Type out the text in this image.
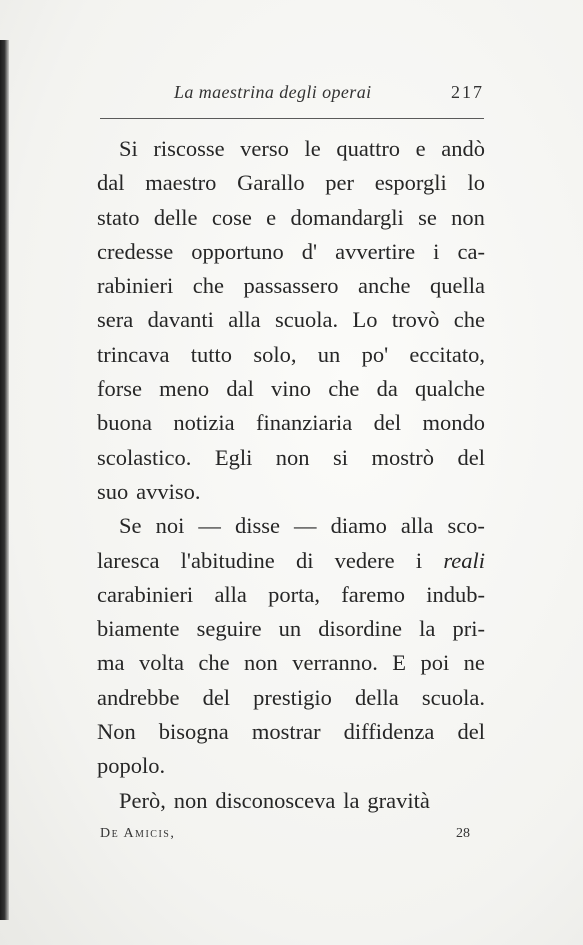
La maestrina degli operai	217
Si riscosse verso le quattro e andò
dal maestro Garallo per esporgli lo
stato delle cose e domandargli se non
credesse opportuno d' avvertire i ca-
rabinieri che passassero anche quella
sera davanti alla scuola. Lo trovò che
trincava tutto solo, un po' eccitato,
forse meno dal vino che da qualche
buona notizia finanziaria del mondo
scolastico. Egli non si mostrò del
suo avviso.
Se noi — disse — diamo alla sco-
laresca l'abitudine di vedere i reali
carabinieri alla porta, faremo indub-
biamente seguire un disordine la pri-
ma volta che non verranno. E poi ne
andrebbe del prestigio della scuola.
Non bisogna mostrar diffidenza del
popolo.
Però, non disconosceva la gravità
De Amicis,	28
